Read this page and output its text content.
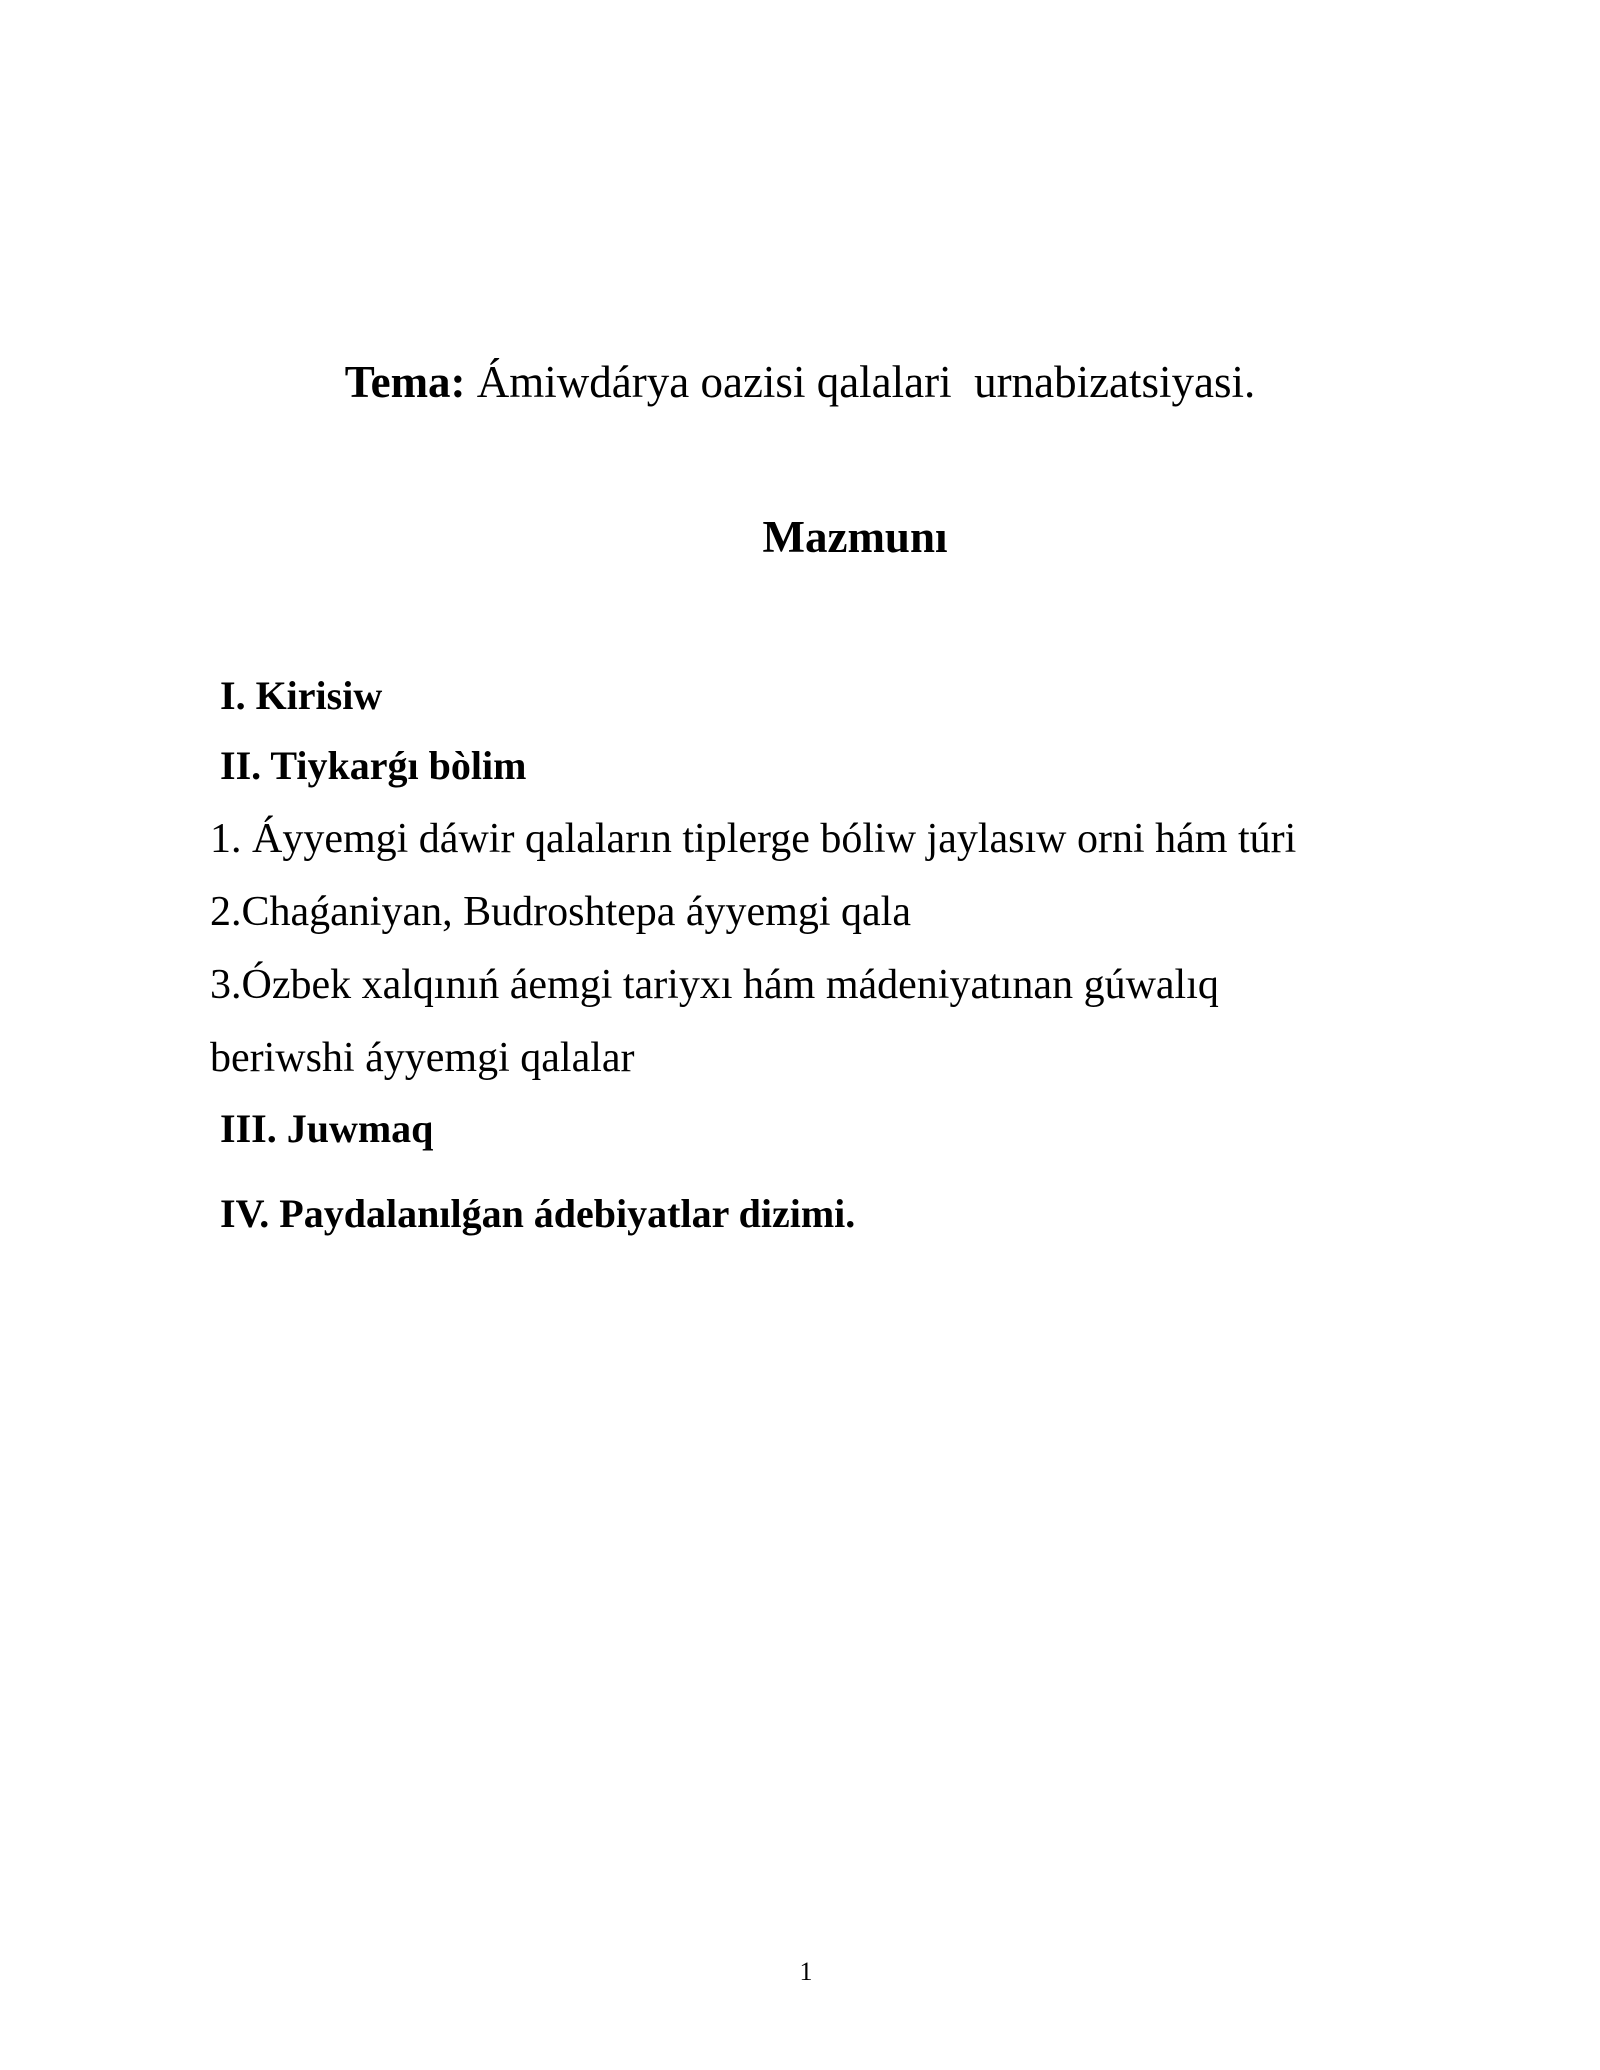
Tema: Ámiwdárya oazisi qalalari  urnabizatsiyasi.
Mazmunı
I. Kirisiw
II. Tiykarǵı bòlim
1. Áyyemgi dáwir qalaların tiplerge bóliw jaylasıw orni hám túri
2.Chaǵaniyan, Budroshtepa áyyemgi qala
3.Ózbek xalqınıń áemgi tariyxı hám mádeniyatınan gúwalıq
beriwshi áyyemgi qalalar
III. Juwmaq
IV. Paydalanılǵan ádebiyatlar dizimi.
1
